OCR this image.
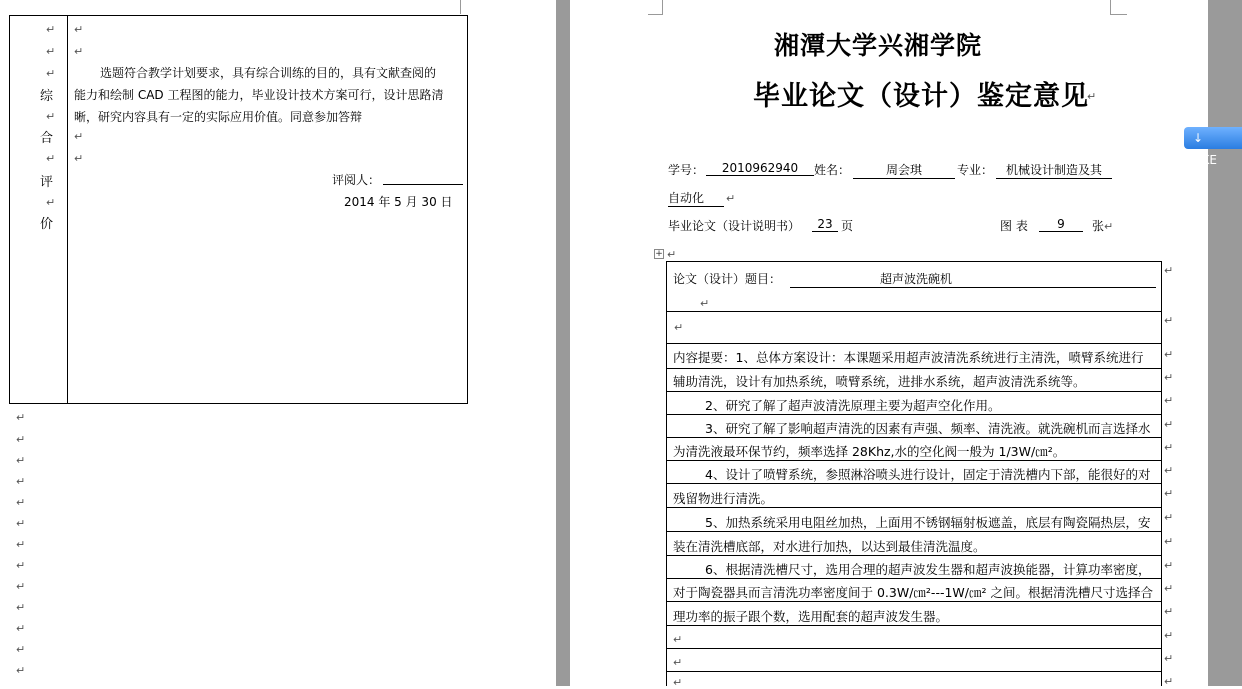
↵
↵
↵
综
↵
合
↵
评
↵
价
↵
↵
选题符合教学计划要求，具有综合训练的目的，具有文献查阅的
能力和绘制 CAD 工程图的能力，毕业设计技术方案可行，设计思路清
晰，研究内容具有一定的实际应用价值。同意参加答辩
↵
↵
评阅人：
2014 年 5 月 30 日
↵
↵
↵
↵
↵
↵
↵
↵
↵
↵
↵
↵
↵
湘潭大学兴湘学院
毕业论文（设计）鉴定意见
↵
学号：	2010962940	姓名：	周会琪	专业：	机械设计制造及其
自动化	↵
毕业论文（设计说明书）	23 页	图 表	9	张 ↵
+ ↵
↵
↵
↵
↵
↵
↵
↵
↵
↵
↵
↵
↵
↵
↵
↵
↵
↵
论文（设计）题目：	超声波洗碗机
↵
↵
内容提要：1、总体方案设计：本课题采用超声波清洗系统进行主清洗，喷臂系统进行
辅助清洗，设计有加热系统，喷臂系统，进排水系统，超声波清洗系统等。
2、研究了解了超声波清洗原理主要为超声空化作用。
3、研究了解了影响超声清洗的因素有声强、频率、清洗液。就洗碗机而言选择水
为清洗液最环保节约，频率选择 28Khz,水的空化阀一般为 1/3W/㎝²。
4、设计了喷臂系统，参照淋浴喷头进行设计，固定于清洗槽内下部，能很好的对
残留物进行清洗。
5、加热系统采用电阻丝加热，上面用不锈钢辐射板遮盖，底层有陶瓷隔热层，安
装在清洗槽底部，对水进行加热，以达到最佳清洗温度。
6、根据清洗槽尺寸，选用合理的超声波发生器和超声波换能器，计算功率密度，
对于陶瓷器具而言清洗功率密度间于 0.3W/㎝²---1W/㎝² 之间。根据清洗槽尺寸选择合
理功率的振子跟个数，选用配套的超声波发生器。
↵
↵
↵
↓ OKE
